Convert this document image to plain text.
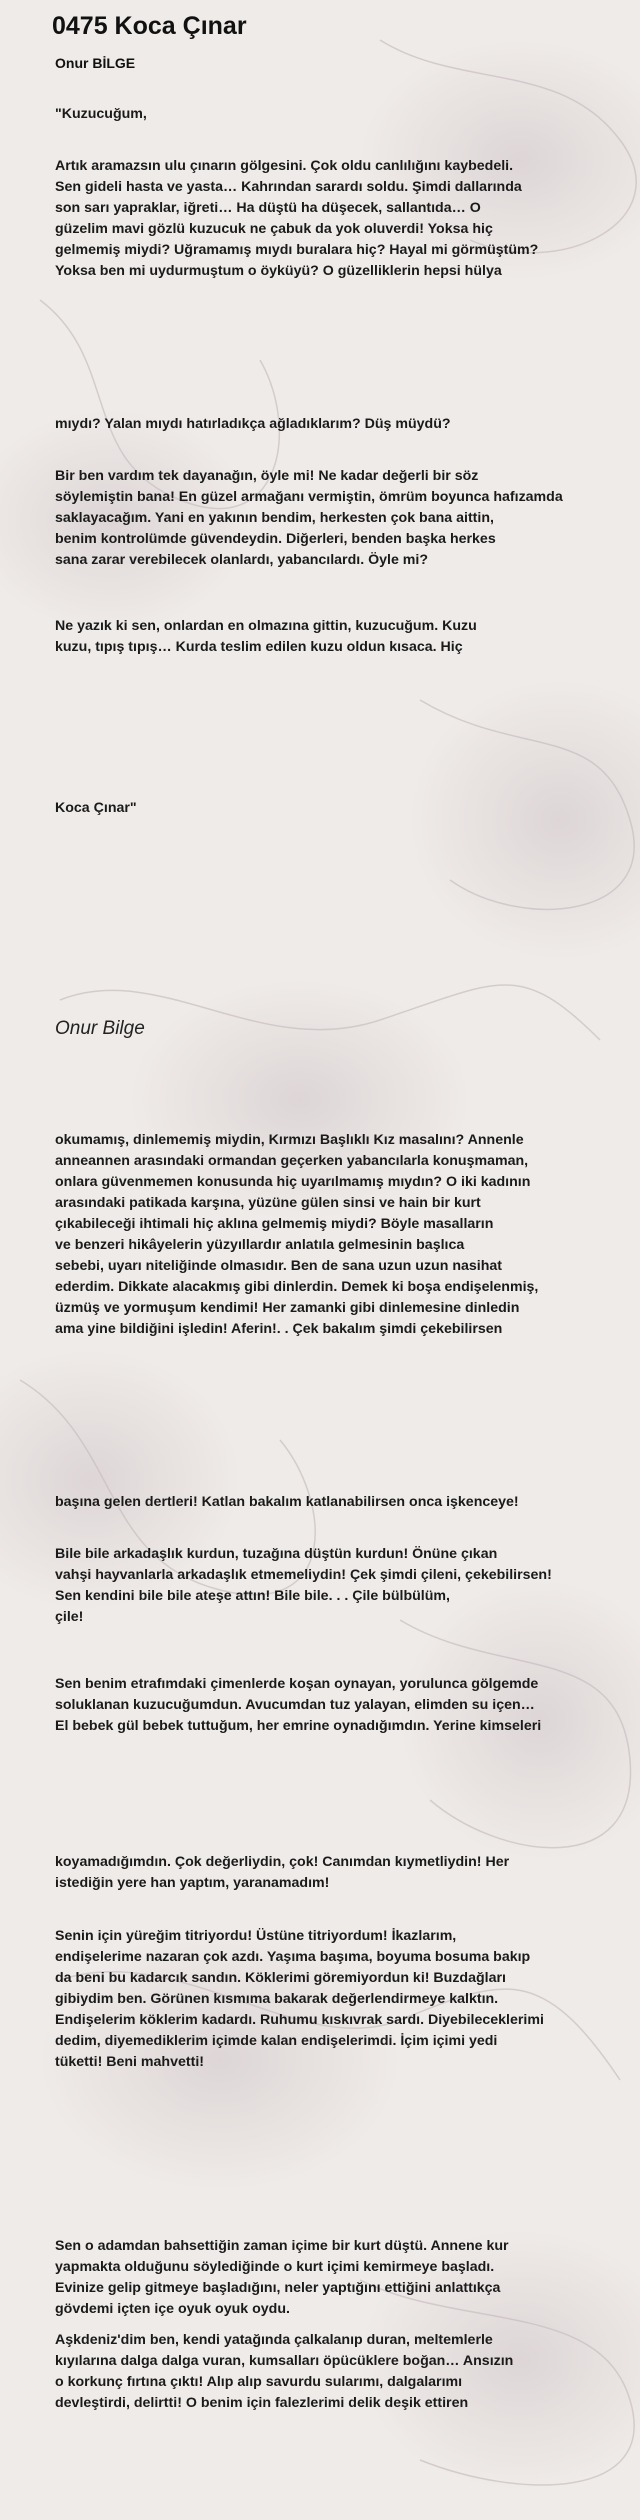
0475 Koca Çınar
Onur BİLGE
"Kuzucuğum,
Artık aramazsın ulu çınarın gölgesini. Çok oldu canlılığını kaybedeli.
Sen gideli hasta ve yasta… Kahrından sarardı soldu. Şimdi dallarında
son sarı yapraklar, iğreti… Ha düştü ha düşecek, sallantıda… O
güzelim mavi gözlü kuzucuk ne çabuk da yok oluverdi! Yoksa hiç
gelmemiş miydi? Uğramamış mıydı buralara hiç? Hayal mi görmüştüm?
Yoksa ben mi uydurmuştum o öyküyü? O güzelliklerin hepsi hülya
mıydı? Yalan mıydı hatırladıkça ağladıklarım? Düş müydü?
Bir ben vardım tek dayanağın, öyle mi! Ne kadar değerli bir söz
söylemiştin bana! En güzel armağanı vermiştin, ömrüm boyunca hafızamda
saklayacağım. Yani en yakının bendim, herkesten çok bana aittin,
benim kontrolümde güvendeydin. Diğerleri, benden başka herkes
sana zarar verebilecek olanlardı, yabancılardı. Öyle mi?
Ne yazık ki sen, onlardan en olmazına gittin, kuzucuğum. Kuzu
kuzu, tıpış tıpış… Kurda teslim edilen kuzu oldun kısaca. Hiç
Koca Çınar"
okumamış, dinlememiş miydin, Kırmızı Başlıklı Kız masalını? Annenle
anneannen arasındaki ormandan geçerken yabancılarla konuşmaman,
onlara güvenmemen konusunda hiç uyarılmamış mıydın? O iki kadının
arasındaki patikada karşına, yüzüne gülen sinsi ve hain bir kurt
çıkabileceği ihtimali hiç aklına gelmemiş miydi? Böyle masalların
ve benzeri hikâyelerin yüzyıllardır anlatıla gelmesinin başlıca
sebebi, uyarı niteliğinde olmasıdır. Ben de sana uzun uzun nasihat
ederdim. Dikkate alacakmış gibi dinlerdin. Demek ki boşa endişelenmiş,
üzmüş ve yormuşum kendimi! Her zamanki gibi dinlemesine dinledin
ama yine bildiğini işledin! Aferin!. . Çek bakalım şimdi çekebilirsen
başına gelen dertleri! Katlan bakalım katlanabilirsen onca işkenceye!
Bile bile arkadaşlık kurdun, tuzağına düştün kurdun! Önüne çıkan
vahşi hayvanlarla arkadaşlık etmemeliydin! Çek şimdi çileni, çekebilirsen!
Sen kendini bile bile ateşe attın! Bile bile. . . Çile bülbülüm,
çile!
Sen benim etrafımdaki çimenlerde koşan oynayan, yorulunca gölgemde
soluklanan kuzucuğumdun. Avucumdan tuz yalayan, elimden su içen…
El bebek gül bebek tuttuğum, her emrine oynadığımdın. Yerine kimseleri
koyamadığımdın. Çok değerliydin, çok! Canımdan kıymetliydin! Her
istediğin yere han yaptım, yaranamadım!
Senin için yüreğim titriyordu! Üstüne titriyordum! İkazlarım,
endişelerime nazaran çok azdı. Yaşıma başıma, boyuma bosuma bakıp
da beni bu kadarcık sandın. Köklerimi göremiyordun ki! Buzdağları
gibiydim ben. Görünen kısmıma bakarak değerlendirmeye kalktın.
Endişelerim köklerim kadardı. Ruhumu kıskıvrak sardı. Diyebileceklerimi
dedim, diyemediklerim içimde kalan endişelerimdi. İçim içimi yedi
tüketti! Beni mahvetti!
Sen o adamdan bahsettiğin zaman içime bir kurt düştü. Annene kur
yapmakta olduğunu söylediğinde o kurt içimi kemirmeye başladı.
Evinize gelip gitmeye başladığını, neler yaptığını ettiğini anlattıkça
gövdemi içten içe oyuk oyuk oydu.
Aşkdeniz'dim ben, kendi yatağında çalkalanıp duran, meltemlerle
kıyılarına dalga dalga vuran, kumsalları öpücüklere boğan… Ansızın
o korkunç fırtına çıktı! Alıp alıp savurdu sularımı, dalgalarımı
devleştirdi, delirtti! O benim için falezlerimi delik deşik ettiren
Onur Bilge
